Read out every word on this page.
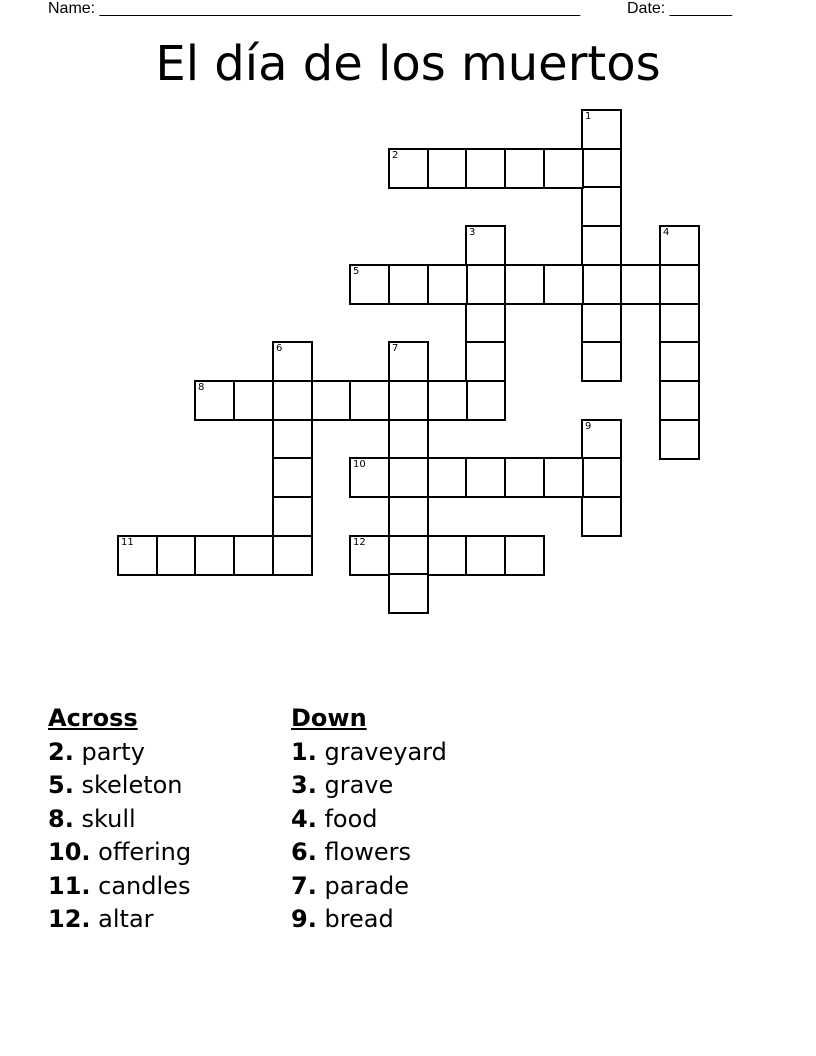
Name: ______________________________________________________	Date: _______
El día de los muertos
1
2
3	4
5
6	7
8
9
10
11	12
Across
2. party
5. skeleton
8. skull
10. offering
11. candles
12. altar
Down
1. graveyard
3. grave
4. food
6. flowers
7. parade
9. bread
